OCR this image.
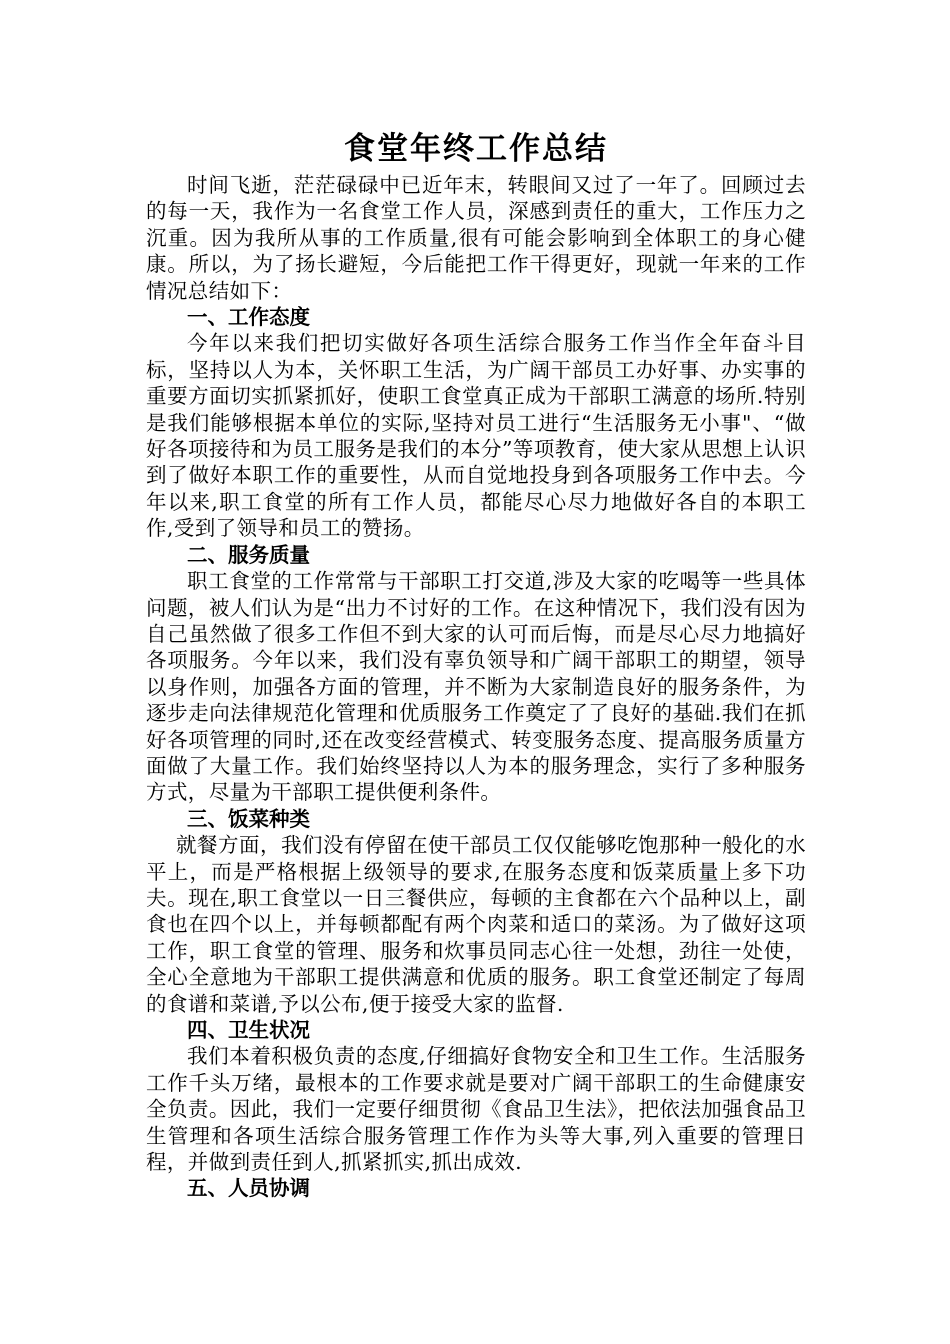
食堂年终工作总结

时间飞逝，茫茫碌碌中已近年末，转眼间又过了一年了。回顾过去的每一天，我作为一名食堂工作人员，深感到责任的重大，工作压力之沉重。因为我所从事的工作质量,很有可能会影响到全体职工的身心健康。所以，为了扬长避短，今后能把工作干得更好，现就一年来的工作情况总结如下：

一、工作态度

今年以来我们把切实做好各项生活综合服务工作当作全年奋斗目标，坚持以人为本，关怀职工生活，为广阔干部员工办好事、办实事的重要方面切实抓紧抓好，使职工食堂真正成为干部职工满意的场所.特别是我们能够根据本单位的实际,坚持对员工进行“生活服务无小事"、“做好各项接待和为员工服务是我们的本分”等项教育，使大家从思想上认识到了做好本职工作的重要性，从而自觉地投身到各项服务工作中去。今年以来,职工食堂的所有工作人员，都能尽心尽力地做好各自的本职工作,受到了领导和员工的赞扬。

二、服务质量

职工食堂的工作常常与干部职工打交道,涉及大家的吃喝等一些具体问题，被人们认为是“出力不讨好的工作。在这种情况下，我们没有因为自己虽然做了很多工作但不到大家的认可而后悔，而是尽心尽力地搞好各项服务。今年以来，我们没有辜负领导和广阔干部职工的期望，领导以身作则，加强各方面的管理，并不断为大家制造良好的服务条件，为逐步走向法律规范化管理和优质服务工作奠定了了良好的基础.我们在抓好各项管理的同时,还在改变经营模式、转变服务态度、提高服务质量方面做了大量工作。我们始终坚持以人为本的服务理念，实行了多种服务方式，尽量为干部职工提供便利条件。

三、饭菜种类

就餐方面，我们没有停留在使干部员工仅仅能够吃饱那种一般化的水平上，而是严格根据上级领导的要求,在服务态度和饭菜质量上多下功夫。现在,职工食堂以一日三餐供应，每顿的主食都在六个品种以上，副食也在四个以上，并每顿都配有两个肉菜和适口的菜汤。为了做好这项工作，职工食堂的管理、服务和炊事员同志心往一处想，劲往一处使，全心全意地为干部职工提供满意和优质的服务。职工食堂还制定了每周的食谱和菜谱,予以公布,便于接受大家的监督.

四、卫生状况

我们本着积极负责的态度,仔细搞好食物安全和卫生工作。生活服务工作千头万绪，最根本的工作要求就是要对广阔干部职工的生命健康安全负责。因此，我们一定要仔细贯彻《食品卫生法》，把依法加强食品卫生管理和各项生活综合服务管理工作作为头等大事,列入重要的管理日程，并做到责任到人,抓紧抓实,抓出成效.

五、人员协调
